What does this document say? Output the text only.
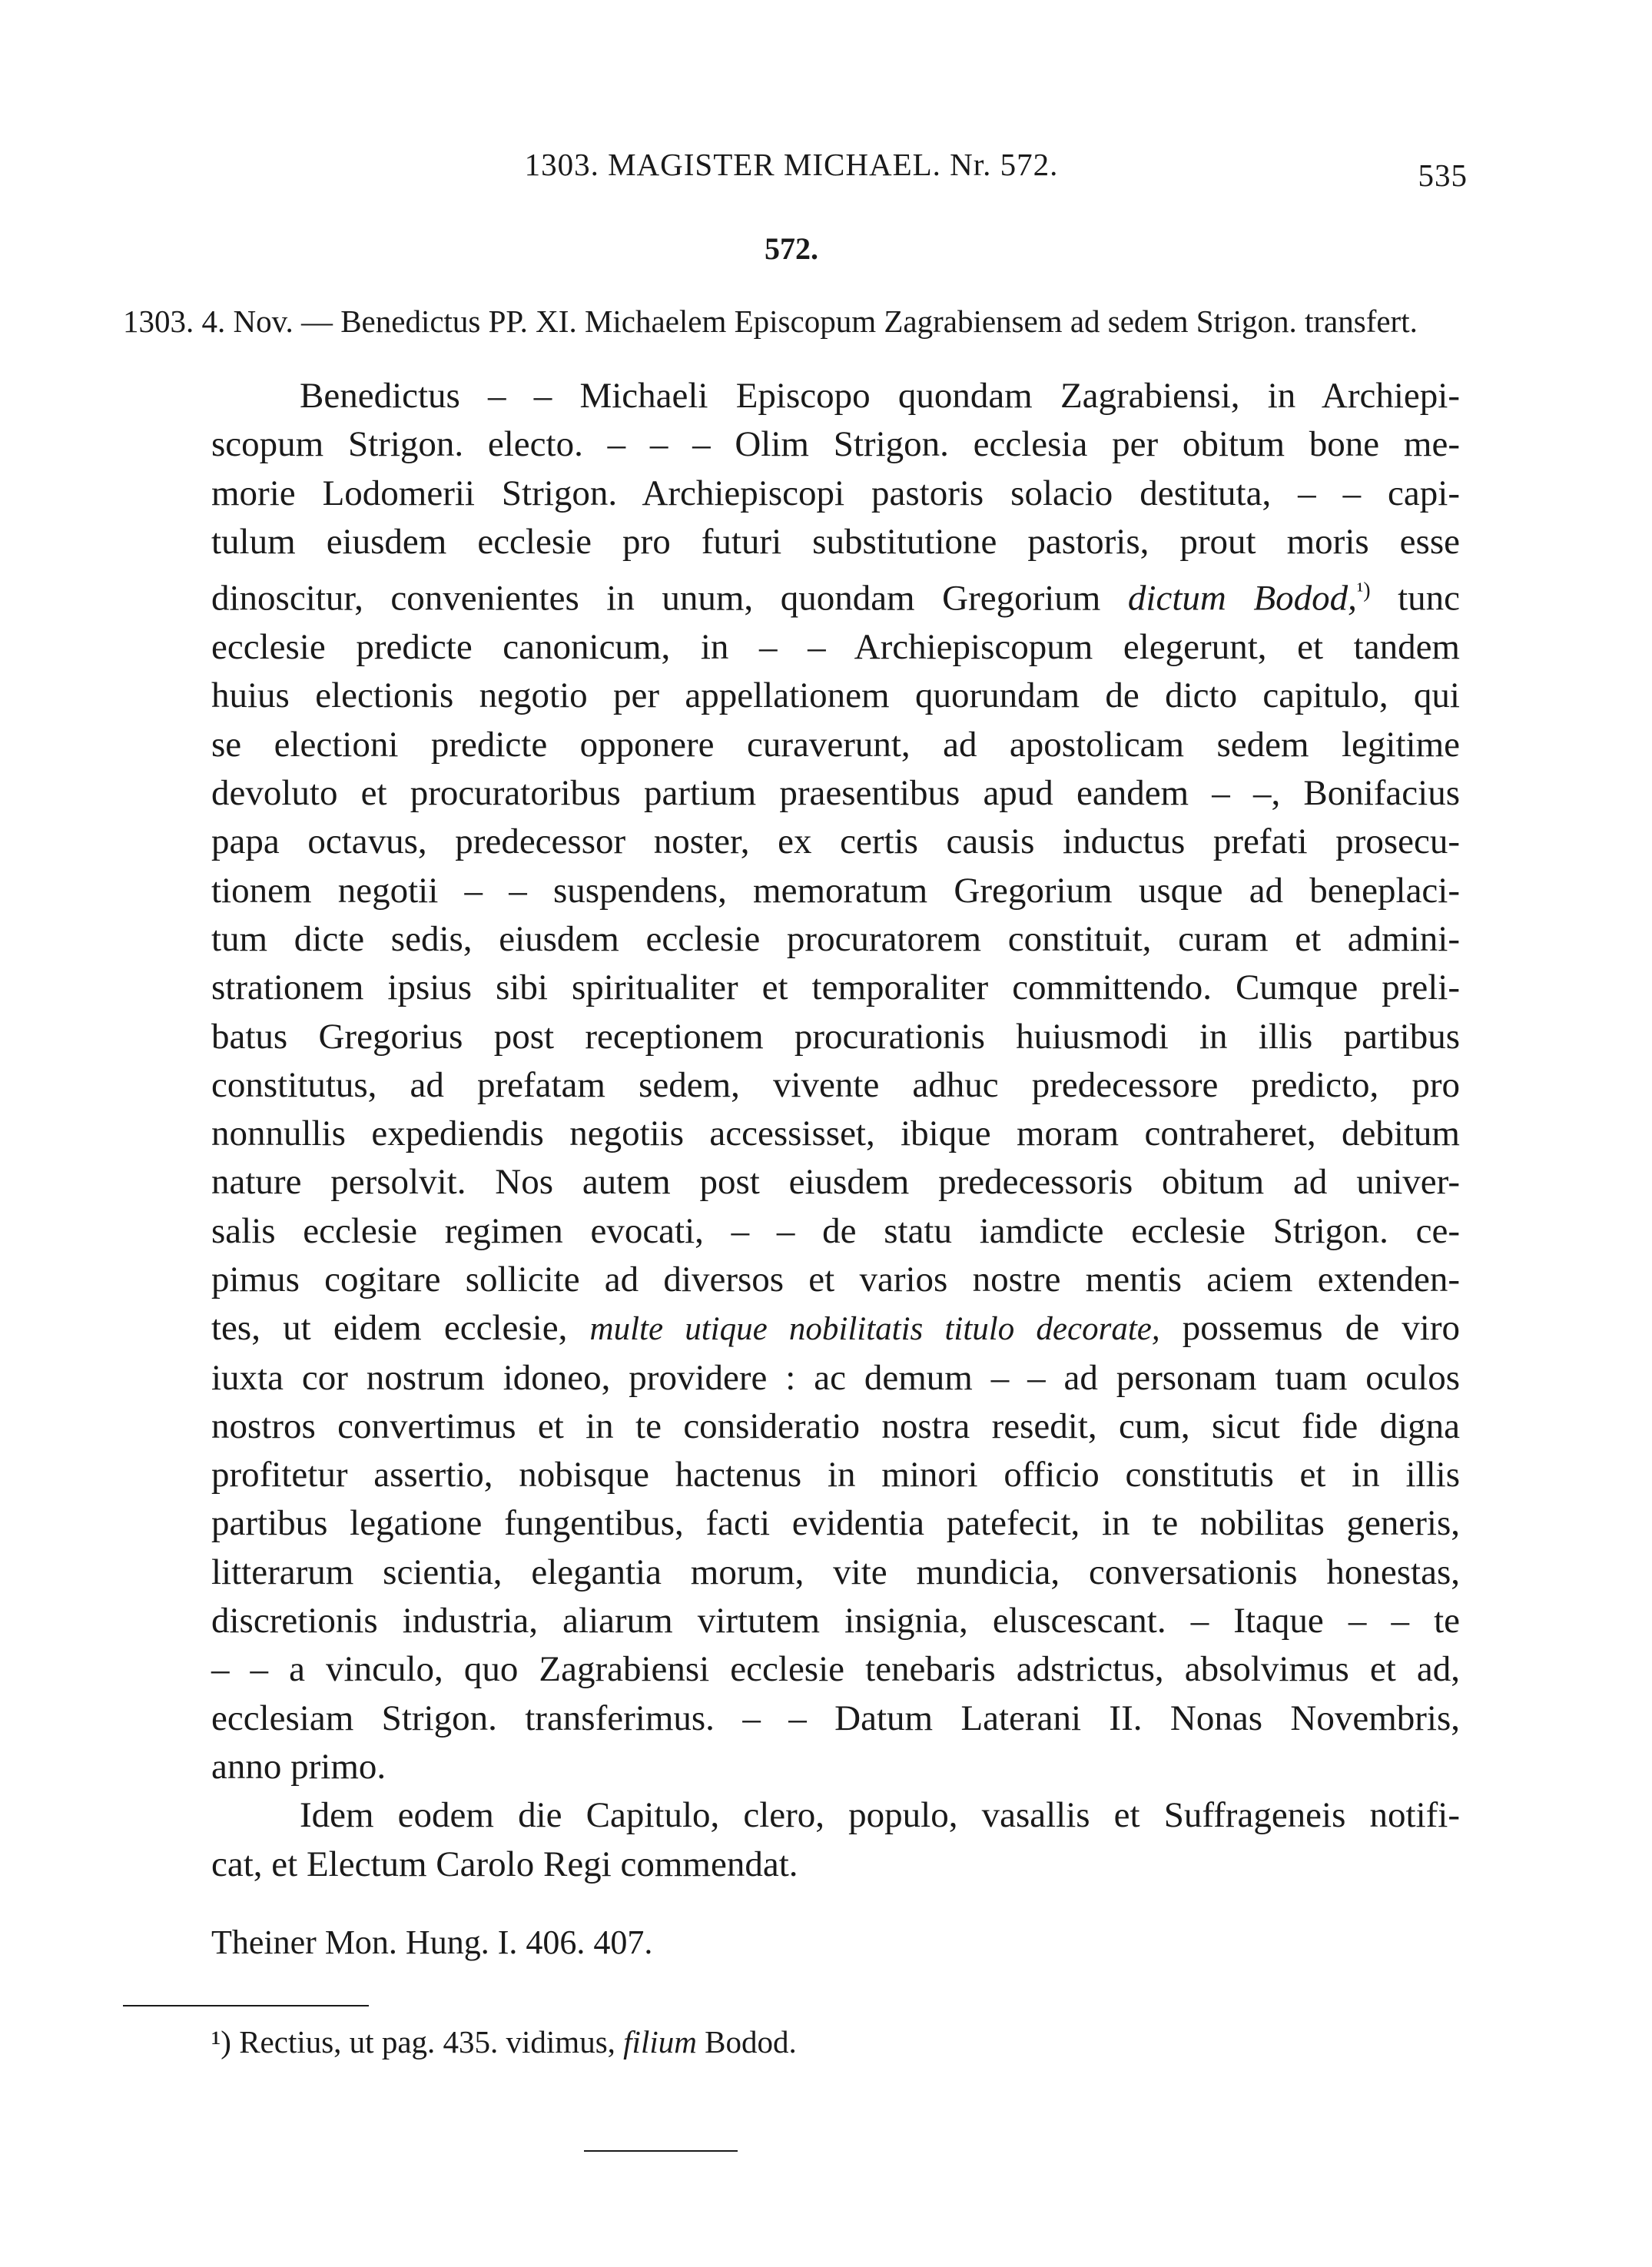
1303. MAGISTER MICHAEL. Nr. 572.	535
572.
1303. 4. Nov. — Benedictus PP. XI. Michaelem Episcopum Zagrabiensem ad sedem Strigon. transfert.

Benedictus – – Michaeli Episcopo quondam Zagrabiensi, in Archiepi-
scopum Strigon. electo. – – – Olim Strigon. ecclesia per obitum bone me-
morie Lodomerii Strigon. Archiepiscopi pastoris solacio destituta, – – capi-
tulum eiusdem ecclesie pro futuri substitutione pastoris, prout moris esse
dinoscitur, convenientes in unum, quondam Gregorium dictum Bodod,$^{^1)}$ tunc
ecclesie predicte canonicum, in – – Archiepiscopum elegerunt, et tandem
huius electionis negotio per appellationem quorundam de dicto capitulo, qui
se electioni predicte opponere curaverunt, ad apostolicam sedem legitime
devoluto et procuratoribus partium praesentibus apud eandem – –, Bonifacius
papa octavus, predecessor noster, ex certis causis inductus prefati prosecu-
tionem negotii – – suspendens, memoratum Gregorium usque ad beneplaci-
tum dicte sedis, eiusdem ecclesie procuratorem constituit, curam et admini-
strationem ipsius sibi spiritualiter et temporaliter committendo. Cumque preli-
batus Gregorius post receptionem procurationis huiusmodi in illis partibus
constitutus, ad prefatam sedem, vivente adhuc predecessore predicto, pro
nonnullis expediendis negotiis accessisset, ibique moram contraheret, debitum
nature persolvit. Nos autem post eiusdem predecessoris obitum ad univer-
salis ecclesie regimen evocati, – – de statu iamdicte ecclesie Strigon. ce-
pimus cogitare sollicite ad diversos et varios nostre mentis aciem extenden-
tes, ut eidem ecclesie, multe utique nobilitatis titulo decorate, possemus de viro
iuxta cor nostrum idoneo, providere : ac demum – – ad personam tuam oculos
nostros convertimus et in te consideratio nostra resedit, cum, sicut fide digna
profitetur assertio, nobisque hactenus in minori officio constitutis et in illis
partibus legatione fungentibus, facti evidentia patefecit, in te nobilitas generis,
litterarum scientia, elegantia morum, vite mundicia, conversationis honestas,
discretionis industria, aliarum virtutem insignia, eluscescant. – Itaque – – te
– – a vinculo, quo Zagrabiensi ecclesie tenebaris adstrictus, absolvimus et ad,
ecclesiam Strigon. transferimus. – – Datum Laterani II. Nonas Novembris,
anno primo.

Idem eodem die Capitulo, clero, populo, vasallis et Suffrageneis notifi-
cat, et Electum Carolo Regi commendat.

Theiner Mon. Hung. I. 406. 407.
¹) Rectius, ut pag. 435. vidimus, filium Bodod.
